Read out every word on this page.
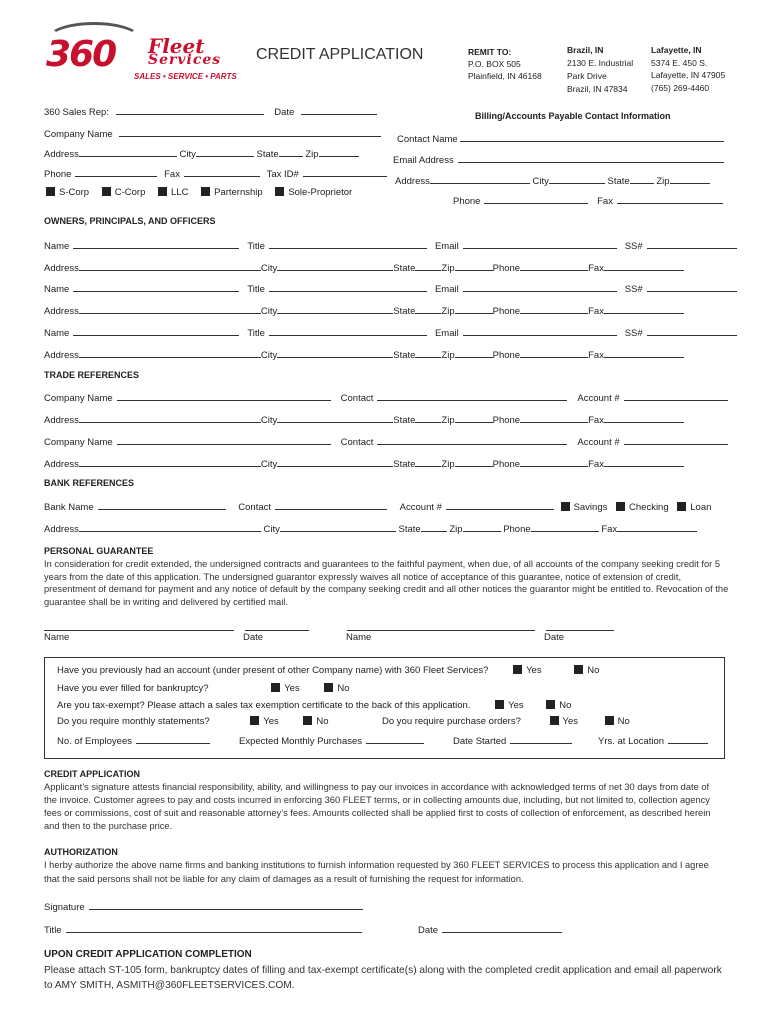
360 Fleet
Services
SALES • SERVICE • PARTS
CREDIT APPLICATION	REMIT TO:
P.O. BOX 505
Plainfield, IN 46168
Brazil, IN
2130 E. Industrial
Park Drive
Brazil, IN 47834
Lafayette, IN
5374 E. 450 S.
Lafayette, IN 47905
(765) 269-4460
360 Sales Rep:	Date
Company Name
Address	City	State	Zip
Phone	Fax	Tax ID#
S-Corp	C-Corp	LLC	Parternship	Sole-Proprietor
Billing/Accounts Payable Contact Information
Contact Name
Email Address
Address	City	State	Zip
Phone	Fax
OWNERS, PRINCIPALS, AND OFFICERS
Name	Title	Email	SS#
Address	City	State	Zip	Phone	Fax
Name	Title	Email	SS#
Address	City	State	Zip	Phone	Fax
Name	Title	Email	SS#
Address	City	State	Zip	Phone	Fax
TRADE REFERENCES
Company Name	Contact	Account #
Address	City	State	Zip	Phone	Fax
Company Name	Contact	Account #
Address	City	State	Zip	Phone	Fax
BANK REFERENCES
Bank Name	Contact	Account #	Savings Checking Loan
Address	City	State	Zip	Phone	Fax
PERSONAL GUARANTEE
In consideration for credit extended, the undersigned contracts and guarantees to the faithful payment, when due, of all accounts of the company seeking credit for 5 years from the date of this application. The undersigned guarantor expressly waives all notice of acceptance of this guarantee, notice of extension of credit, presentment of demand for payment and any notice of default by the company seeking credit and all other notices the guarantor might be entitled to. Revocation of the guarantee shall be in writing and delivered by certified mail.

Name	Date	Name	Date
Have you previously had an account (under present of other Company name) with 360 Fleet Services?	Yes	No
Have you ever filled for bankruptcy?	Yes	No
Are you tax-exempt? Please attach a sales tax exemption certificate to the back of this application.	Yes	No
Do you require monthly statements?	Yes	No	Do you require purchase orders?	Yes	No
No. of Employees	Expected Monthly Purchases	Date Started	Yrs. at Location
CREDIT APPLICATION
Applicant’s signature attests financial responsibility, ability, and willingness to pay our invoices in accordance with acknowledged terms of net 30 days from date of the invoice. Customer agrees to pay and costs incurred in enforcing 360 FLEET terms, or in collecting amounts due, including, but not limited to, collection agency fees or commissions, cost of suit and reasonable attorney’s fees. Amounts collected shall be applied first to costs of collection of enforcement, as described herein and then to the purchase price.
AUTHORIZATION
I herby authorize the above name firms and banking institutions to furnish information requested by 360 FLEET SERVICES to process this application and I agree that the said persons shall not be liable for any claim of damages as a result of furnishing the request for information.
Signature
Title	Date
UPON CREDIT APPLICATION COMPLETION
Please attach ST-105 form, bankruptcy dates of filling and tax-exempt certificate(s) along with the completed credit application and email all paperwork to AMY SMITH, ASMITH@360FLEETSERVICES.COM.
